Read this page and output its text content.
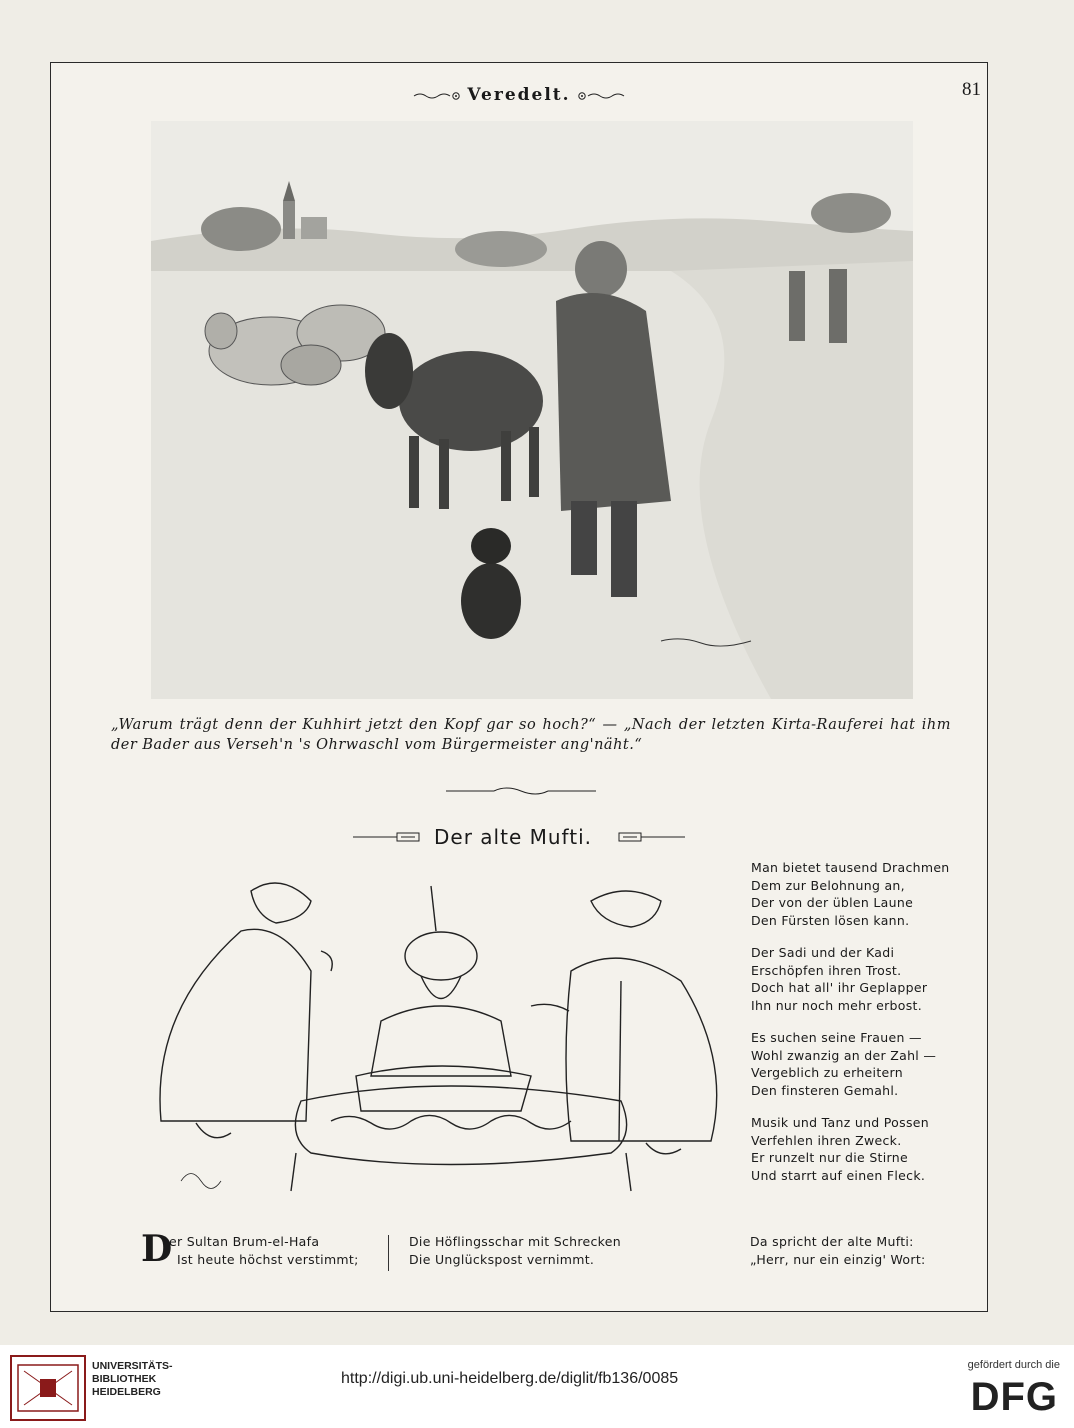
Veredelt.	81
„Warum trägt denn der Kuhhirt jetzt den Kopf gar so hoch?“ — „Nach der letzten Kirta-Rauferei hat ihm der Bader aus Verseh'n 's Ohrwaschl vom Bürgermeister ang'näht.“
Der alte Mufti.
Man bietet tausend Drachmen
Dem zur Belohnung an,
Der von der üblen Laune
Den Fürsten lösen kann.
Der Sadi und der Kadi
Erschöpfen ihren Trost.
Doch hat all' ihr Geplapper
Ihn nur noch mehr erbost.
Es suchen seine Frauen —
Wohl zwanzig an der Zahl —
Vergeblich zu erheitern
Den finsteren Gemahl.
Musik und Tanz und Possen
Verfehlen ihren Zweck.
Er runzelt nur die Stirne
Und starrt auf einen Fleck.
D
er Sultan Brum-el-Hafa
Ist heute höchst verstimmt;
Die Höflingsschar mit Schrecken
Die Unglückspost vernimmt.
Da spricht der alte Mufti:
„Herr, nur ein einzig' Wort:
UNIVERSITÄTS-
BIBLIOTHEK
HEIDELBERG
http://digi.ub.uni-heidelberg.de/diglit/fb136/0085
gefördert durch die
DFG
